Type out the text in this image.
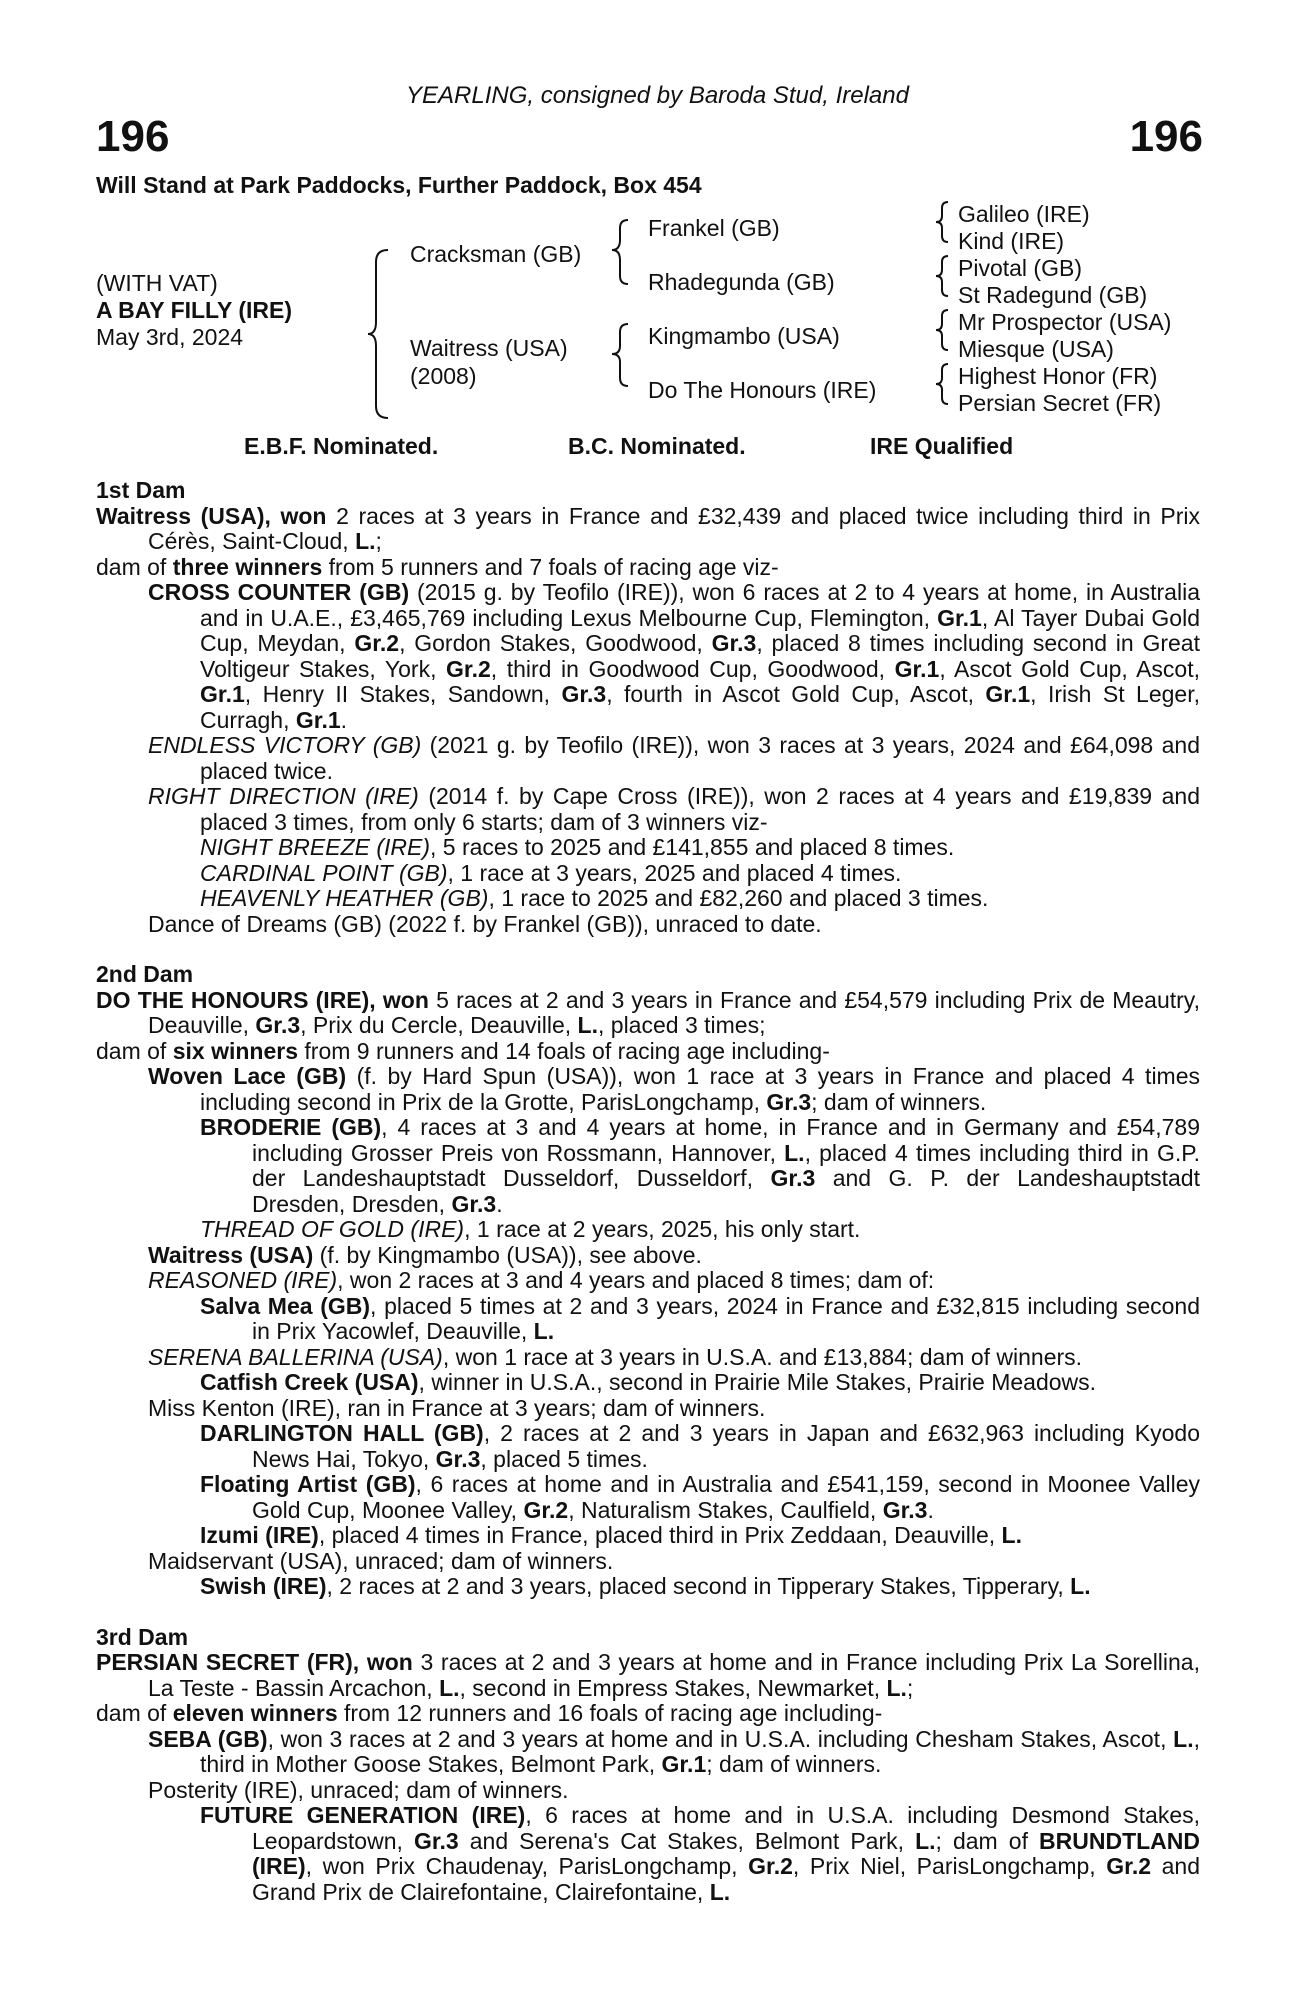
YEARLING, consigned by Baroda Stud, Ireland
196	196
Will Stand at Park Paddocks, Further Paddock, Box 454
(WITH VAT)
A BAY FILLY (IRE)
May 3rd, 2024
Cracksman (GB)
Waitress (USA)
(2008)
Frankel (GB)
Rhadegunda (GB)
Kingmambo (USA)
Do The Honours (IRE)
Galileo (IRE)
Kind (IRE)
Pivotal (GB)
St Radegund (GB)
Mr Prospector (USA)
Miesque (USA)
Highest Honor (FR)
Persian Secret (FR)
E.B.F. Nominated.	B.C. Nominated.	IRE Qualified
1st Dam
Waitress (USA), won 2 races at 3 years in France and £32,439 and placed twice including third in Prix Cérès, Saint-Cloud, L.;
dam of three winners from 5 runners and 7 foals of racing age viz-
CROSS COUNTER (GB) (2015 g. by Teofilo (IRE)), won 6 races at 2 to 4 years at home, in Australia and in U.A.E., £3,465,769 including Lexus Melbourne Cup, Flemington, Gr.1, Al Tayer Dubai Gold Cup, Meydan, Gr.2, Gordon Stakes, Goodwood, Gr.3, placed 8 times including second in Great Voltigeur Stakes, York, Gr.2, third in Goodwood Cup, Goodwood, Gr.1, Ascot Gold Cup, Ascot, Gr.1, Henry II Stakes, Sandown, Gr.3, fourth in Ascot Gold Cup, Ascot, Gr.1, Irish St Leger, Curragh, Gr.1.
ENDLESS VICTORY (GB) (2021 g. by Teofilo (IRE)), won 3 races at 3 years, 2024 and £64,098 and placed twice.
RIGHT DIRECTION (IRE) (2014 f. by Cape Cross (IRE)), won 2 races at 4 years and £19,839 and placed 3 times, from only 6 starts; dam of 3 winners viz-
NIGHT BREEZE (IRE), 5 races to 2025 and £141,855 and placed 8 times.
CARDINAL POINT (GB), 1 race at 3 years, 2025 and placed 4 times.
HEAVENLY HEATHER (GB), 1 race to 2025 and £82,260 and placed 3 times.
Dance of Dreams (GB) (2022 f. by Frankel (GB)), unraced to date.
2nd Dam
DO THE HONOURS (IRE), won 5 races at 2 and 3 years in France and £54,579 including Prix de Meautry, Deauville, Gr.3, Prix du Cercle, Deauville, L., placed 3 times;
dam of six winners from 9 runners and 14 foals of racing age including-
Woven Lace (GB) (f. by Hard Spun (USA)), won 1 race at 3 years in France and placed 4 times including second in Prix de la Grotte, ParisLongchamp, Gr.3; dam of winners.
BRODERIE (GB), 4 races at 3 and 4 years at home, in France and in Germany and £54,789 including Grosser Preis von Rossmann, Hannover, L., placed 4 times including third in G.P. der Landeshauptstadt Dusseldorf, Dusseldorf, Gr.3 and G. P. der Landeshauptstadt Dresden, Dresden, Gr.3.
THREAD OF GOLD (IRE), 1 race at 2 years, 2025, his only start.
Waitress (USA) (f. by Kingmambo (USA)), see above.
REASONED (IRE), won 2 races at 3 and 4 years and placed 8 times; dam of:
Salva Mea (GB), placed 5 times at 2 and 3 years, 2024 in France and £32,815 including second in Prix Yacowlef, Deauville, L.
SERENA BALLERINA (USA), won 1 race at 3 years in U.S.A. and £13,884; dam of winners.
Catfish Creek (USA), winner in U.S.A., second in Prairie Mile Stakes, Prairie Meadows.
Miss Kenton (IRE), ran in France at 3 years; dam of winners.
DARLINGTON HALL (GB), 2 races at 2 and 3 years in Japan and £632,963 including Kyodo News Hai, Tokyo, Gr.3, placed 5 times.
Floating Artist (GB), 6 races at home and in Australia and £541,159, second in Moonee Valley Gold Cup, Moonee Valley, Gr.2, Naturalism Stakes, Caulfield, Gr.3.
Izumi (IRE), placed 4 times in France, placed third in Prix Zeddaan, Deauville, L.
Maidservant (USA), unraced; dam of winners.
Swish (IRE), 2 races at 2 and 3 years, placed second in Tipperary Stakes, Tipperary, L.
3rd Dam
PERSIAN SECRET (FR), won 3 races at 2 and 3 years at home and in France including Prix La Sorellina, La Teste - Bassin Arcachon, L., second in Empress Stakes, Newmarket, L.;
dam of eleven winners from 12 runners and 16 foals of racing age including-
SEBA (GB), won 3 races at 2 and 3 years at home and in U.S.A. including Chesham Stakes, Ascot, L., third in Mother Goose Stakes, Belmont Park, Gr.1; dam of winners.
Posterity (IRE), unraced; dam of winners.
FUTURE GENERATION (IRE), 6 races at home and in U.S.A. including Desmond Stakes, Leopardstown, Gr.3 and Serena's Cat Stakes, Belmont Park, L.; dam of BRUNDTLAND (IRE), won Prix Chaudenay, ParisLongchamp, Gr.2, Prix Niel, ParisLongchamp, Gr.2 and Grand Prix de Clairefontaine, Clairefontaine, L.
